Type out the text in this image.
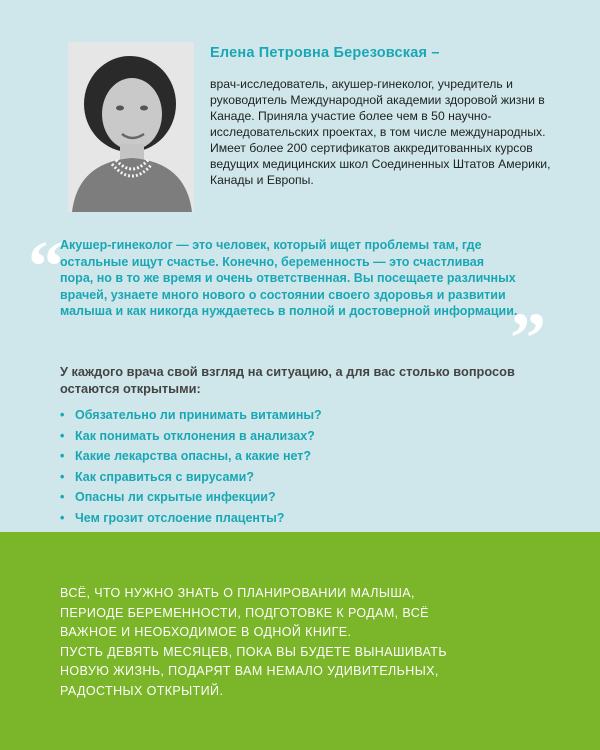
Елена Петровна Березовская –

врач-исследователь, акушер-гинеколог, учредитель и руководитель Международной академии здоровой жизни в Канаде. Приняла участие более чем в 50 научно-исследовательских проектах, в том числе международных. Имеет более 200 сертификатов аккредитованных курсов ведущих медицинских школ Соединенных Штатов Америки, Канады и Европы.

“

Акушер-гинеколог — это человек, который ищет проблемы там, где остальные ищут счастье. Конечно, беременность — это счастливая пора, но в то же время и очень ответственная. Вы посещаете различных врачей, узнаете много нового о состоянии своего здоровья и развитии малыша и как никогда нуждаетесь в полной и достоверной информации.

”

У каждого врача свой взгляд на ситуацию, а для вас столько вопросов остаются открытыми:

• Обязательно ли принимать витамины?
• Как понимать отклонения в анализах?
• Какие лекарства опасны, а какие нет?
• Как справиться с вирусами?
• Опасны ли скрытые инфекции?
• Чем грозит отслоение плаценты?

ВСЁ, ЧТО НУЖНО ЗНАТЬ О ПЛАНИРОВАНИИ МАЛЫША,
ПЕРИОДЕ БЕРЕМЕННОСТИ, ПОДГОТОВКЕ К РОДАМ, ВСЁ
ВАЖНОЕ И НЕОБХОДИМОЕ В ОДНОЙ КНИГЕ.
ПУСТЬ ДЕВЯТЬ МЕСЯЦЕВ, ПОКА ВЫ БУДЕТЕ ВЫНАШИВАТЬ
НОВУЮ ЖИЗНЬ, ПОДАРЯТ ВАМ НЕМАЛО УДИВИТЕЛЬНЫХ,
РАДОСТНЫХ ОТКРЫТИЙ.
